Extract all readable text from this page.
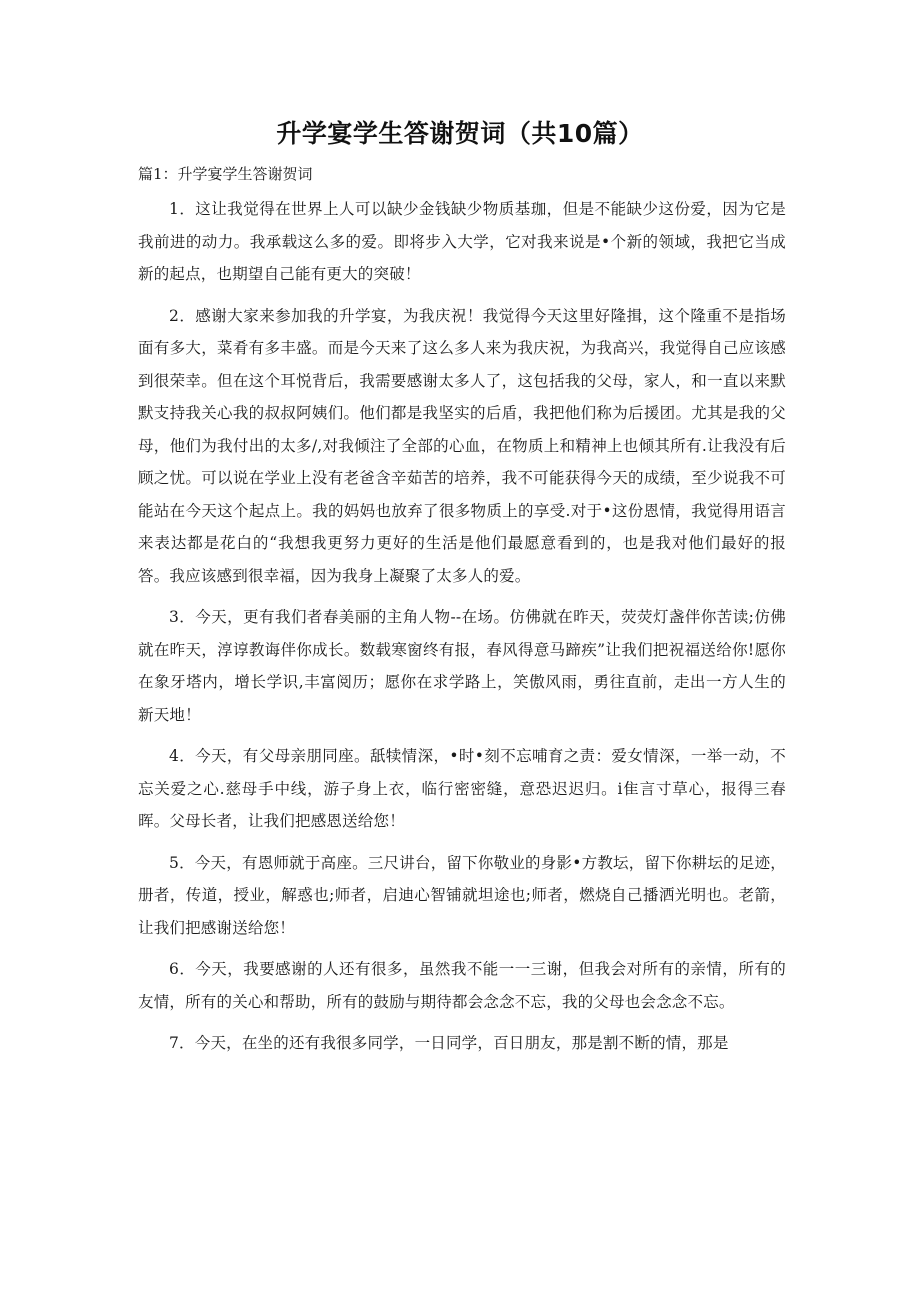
升学宴学生答谢贺词（共10篇）

篇1：升学宴学生答谢贺词

1．这让我觉得在世界上人可以缺少金钱缺少物质基珈，但是不能缺少这份爱，因为它是我前进的动力。我承载这么多的爱。即将步入大学，它对我来说是•个新的领域，我把它当成新的起点，也期望自己能有更大的突破！

2．感谢大家来参加我的升学宴，为我庆祝！我觉得今天这里好隆揖，这个隆重不是指场面有多大，菜肴有多丰盛。而是今天来了这么多人来为我庆祝，为我高兴，我觉得自己应该感到很荣幸。但在这个耳悦背后，我需要感谢太多人了，这包括我的父母，家人，和一直以来默默支持我关心我的叔叔阿姨们。他们都是我坚实的后盾，我把他们称为后援团。尤其是我的父母，他们为我付出的太多/,对我倾注了全部的心血，在物质上和精神上也倾其所有.让我没有后顾之忧。可以说在学业上没有老爸含辛茹苦的培养，我不可能获得今天的成绩，至少说我不可能站在今天这个起点上。我的妈妈也放弃了很多物质上的享受.对于•这份恩情，我觉得用语言来表达都是花白的“我想我更努力更好的生活是他们最愿意看到的，也是我对他们最好的报答。我应该感到很幸福，因为我身上凝聚了太多人的爱。

3．今天，更有我们者春美丽的主角人物--在场。仿佛就在昨天，荧荧灯盏伴你苦读;仿佛就在昨天，淳谆教诲伴你成长。数载寒窗终有报，春风得意马蹄疾”让我们把祝福送给你!愿你在象牙塔内，增长学识,丰富阅历；愿你在求学路上，笑傲风雨，勇往直前，走出一方人生的新天地！

4．今天，有父母亲朋同座。舐犊情深，•时•刻不忘哺育之责：爱女情深，一举一动，不忘关爱之心.慈母手中线，游子身上衣，临行密密缝，意恐迟迟归。i隹言寸草心，报得三春晖。父母长者，让我们把感恩送给您！

5．今天，有恩师就于高座。三尺讲台，留下你敬业的身影•方教坛，留下你耕坛的足迹，册者，传道，授业，解惑也;师者，启迪心智铺就坦途也;师者，燃烧自己播洒光明也。老箭，让我们把感谢送给您！

6．今天，我要感谢的人还有很多，虽然我不能一一三谢，但我会对所有的亲情，所有的友情，所有的关心和帮助，所有的鼓励与期待都会念念不忘，我的父母也会念念不忘。

7．今天，在坐的还有我很多同学，一日同学，百日朋友，那是割不断的情，那是
